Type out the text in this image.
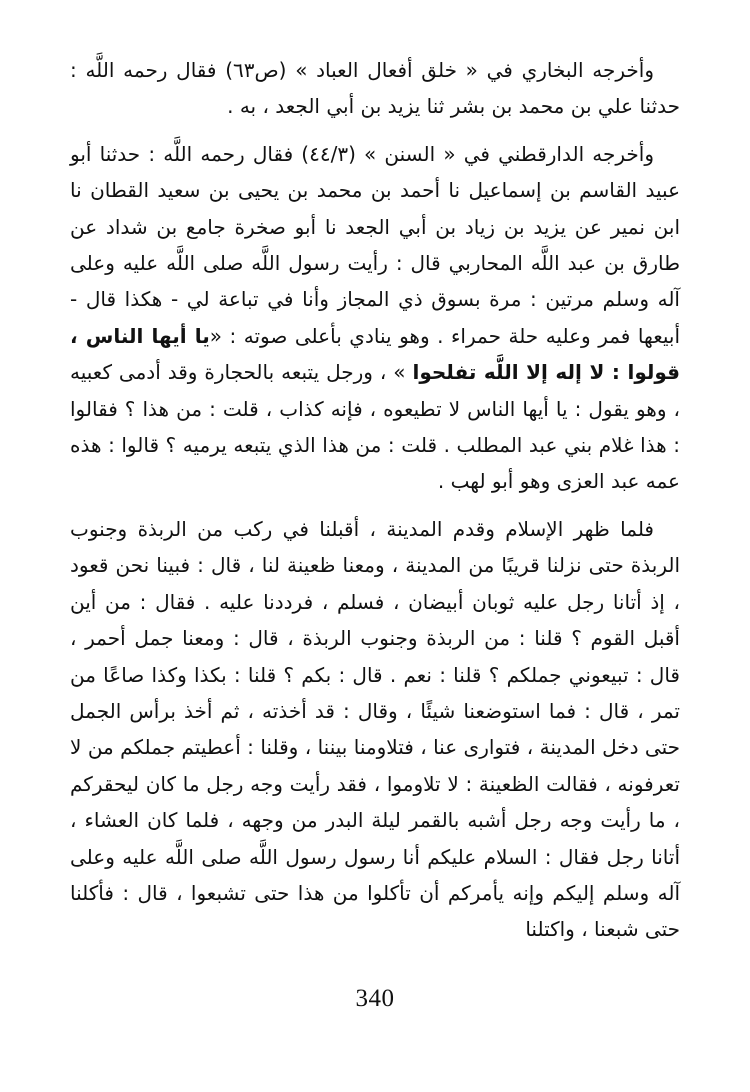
وأخرجه البخاري في « خلق أفعال العباد » (ص٦٣) فقال رحمه اللَّه : حدثنا علي بن محمد بن بشر ثنا يزيد بن أبي الجعد ، به .

وأخرجه الدارقطني في « السنن » (٤٤/٣) فقال رحمه اللَّه : حدثنا أبو عبيد القاسم بن إسماعيل نا أحمد بن محمد بن يحيى بن سعيد القطان نا ابن نمير عن يزيد بن زياد بن أبي الجعد نا أبو صخرة جامع بن شداد عن طارق بن عبد اللَّه المحاربي قال : رأيت رسول اللَّه صلى اللَّه عليه وعلى آله وسلم مرتين : مرة بسوق ذي المجاز وأنا في تباعة لي - هكذا قال - أبيعها فمر وعليه حلة حمراء . وهو ينادي بأعلى صوته : «يا أيها الناس ، قولوا : لا إله إلا اللَّه تفلحوا » ، ورجل يتبعه بالحجارة وقد أدمى كعبيه ، وهو يقول : يا أيها الناس لا تطيعوه ، فإنه كذاب ، قلت : من هذا ؟ فقالوا : هذا غلام بني عبد المطلب . قلت : من هذا الذي يتبعه يرميه ؟ قالوا : هذه عمه عبد العزى وهو أبو لهب .

فلما ظهر الإسلام وقدم المدينة ، أقبلنا في ركب من الربذة وجنوب الربذة حتى نزلنا قريبًا من المدينة ، ومعنا ظعينة لنا ، قال : فبينا نحن قعود ، إذ أتانا رجل عليه ثوبان أبيضان ، فسلم ، فرددنا عليه . فقال : من أين أقبل القوم ؟ قلنا : من الربذة وجنوب الربذة ، قال : ومعنا جمل أحمر ، قال : تبيعوني جملكم ؟ قلنا : نعم . قال : بكم ؟ قلنا : بكذا وكذا صاعًا من تمر ، قال : فما استوضعنا شيئًا ، وقال : قد أخذته ، ثم أخذ برأس الجمل حتى دخل المدينة ، فتوارى عنا ، فتلاومنا بيننا ، وقلنا : أعطيتم جملكم من لا تعرفونه ، فقالت الظعينة : لا تلاوموا ، فقد رأيت وجه رجل ما كان ليحقركم ، ما رأيت وجه رجل أشبه بالقمر ليلة البدر من وجهه ، فلما كان العشاء ، أتانا رجل فقال : السلام عليكم أنا رسول رسول اللَّه صلى اللَّه عليه وعلى آله وسلم إليكم وإنه يأمركم أن تأكلوا من هذا حتى تشبعوا ، قال : فأكلنا حتى شبعنا ، واكتلنا

340
